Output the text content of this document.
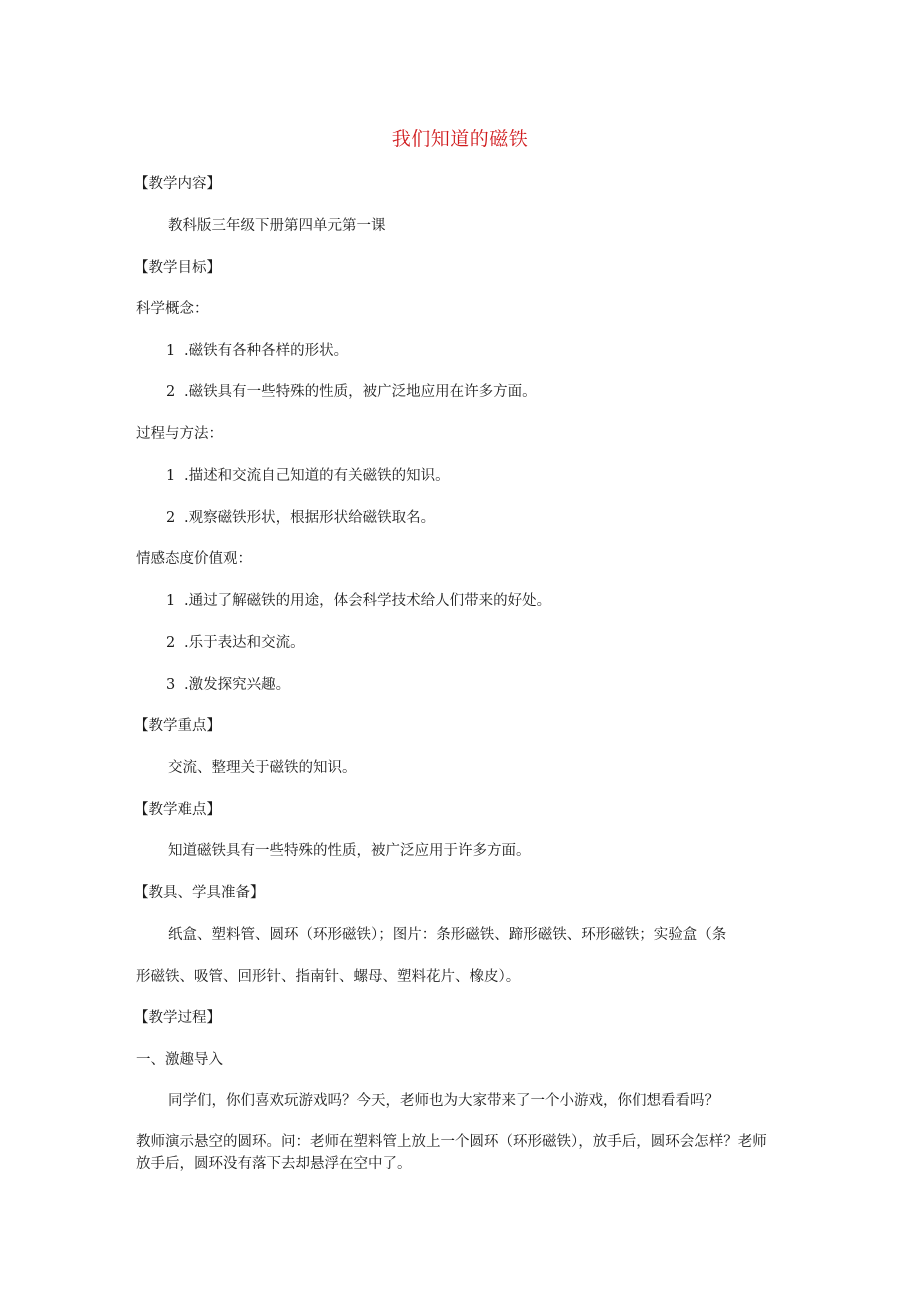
我们知道的磁铁
【教学内容】
教科版三年级下册第四单元第一课
【教学目标】
科学概念：
1 .磁铁有各种各样的形状。
2 .磁铁具有一些特殊的性质，被广泛地应用在许多方面。
过程与方法：
1 .描述和交流自己知道的有关磁铁的知识。
2 .观察磁铁形状，根据形状给磁铁取名。
情感态度价值观：
1 .通过了解磁铁的用途，体会科学技术给人们带来的好处。
2 .乐于表达和交流。
3 .激发探究兴趣。
【教学重点】
交流、整理关于磁铁的知识。
【教学难点】
知道磁铁具有一些特殊的性质，被广泛应用于许多方面。
【教具、学具准备】
纸盒、塑料管、圆环（环形磁铁）；图片：条形磁铁、蹄形磁铁、环形磁铁；实验盒（条
形磁铁、吸管、回形针、指南针、螺母、塑料花片、橡皮）。
【教学过程】
一、激趣导入
同学们，你们喜欢玩游戏吗？今天，老师也为大家带来了一个小游戏，你们想看看吗？
教师演示悬空的圆环。问：老师在塑料管上放上一个圆环（环形磁铁），放手后，圆环会怎样？老师放手后，圆环没有落下去却悬浮在空中了。
